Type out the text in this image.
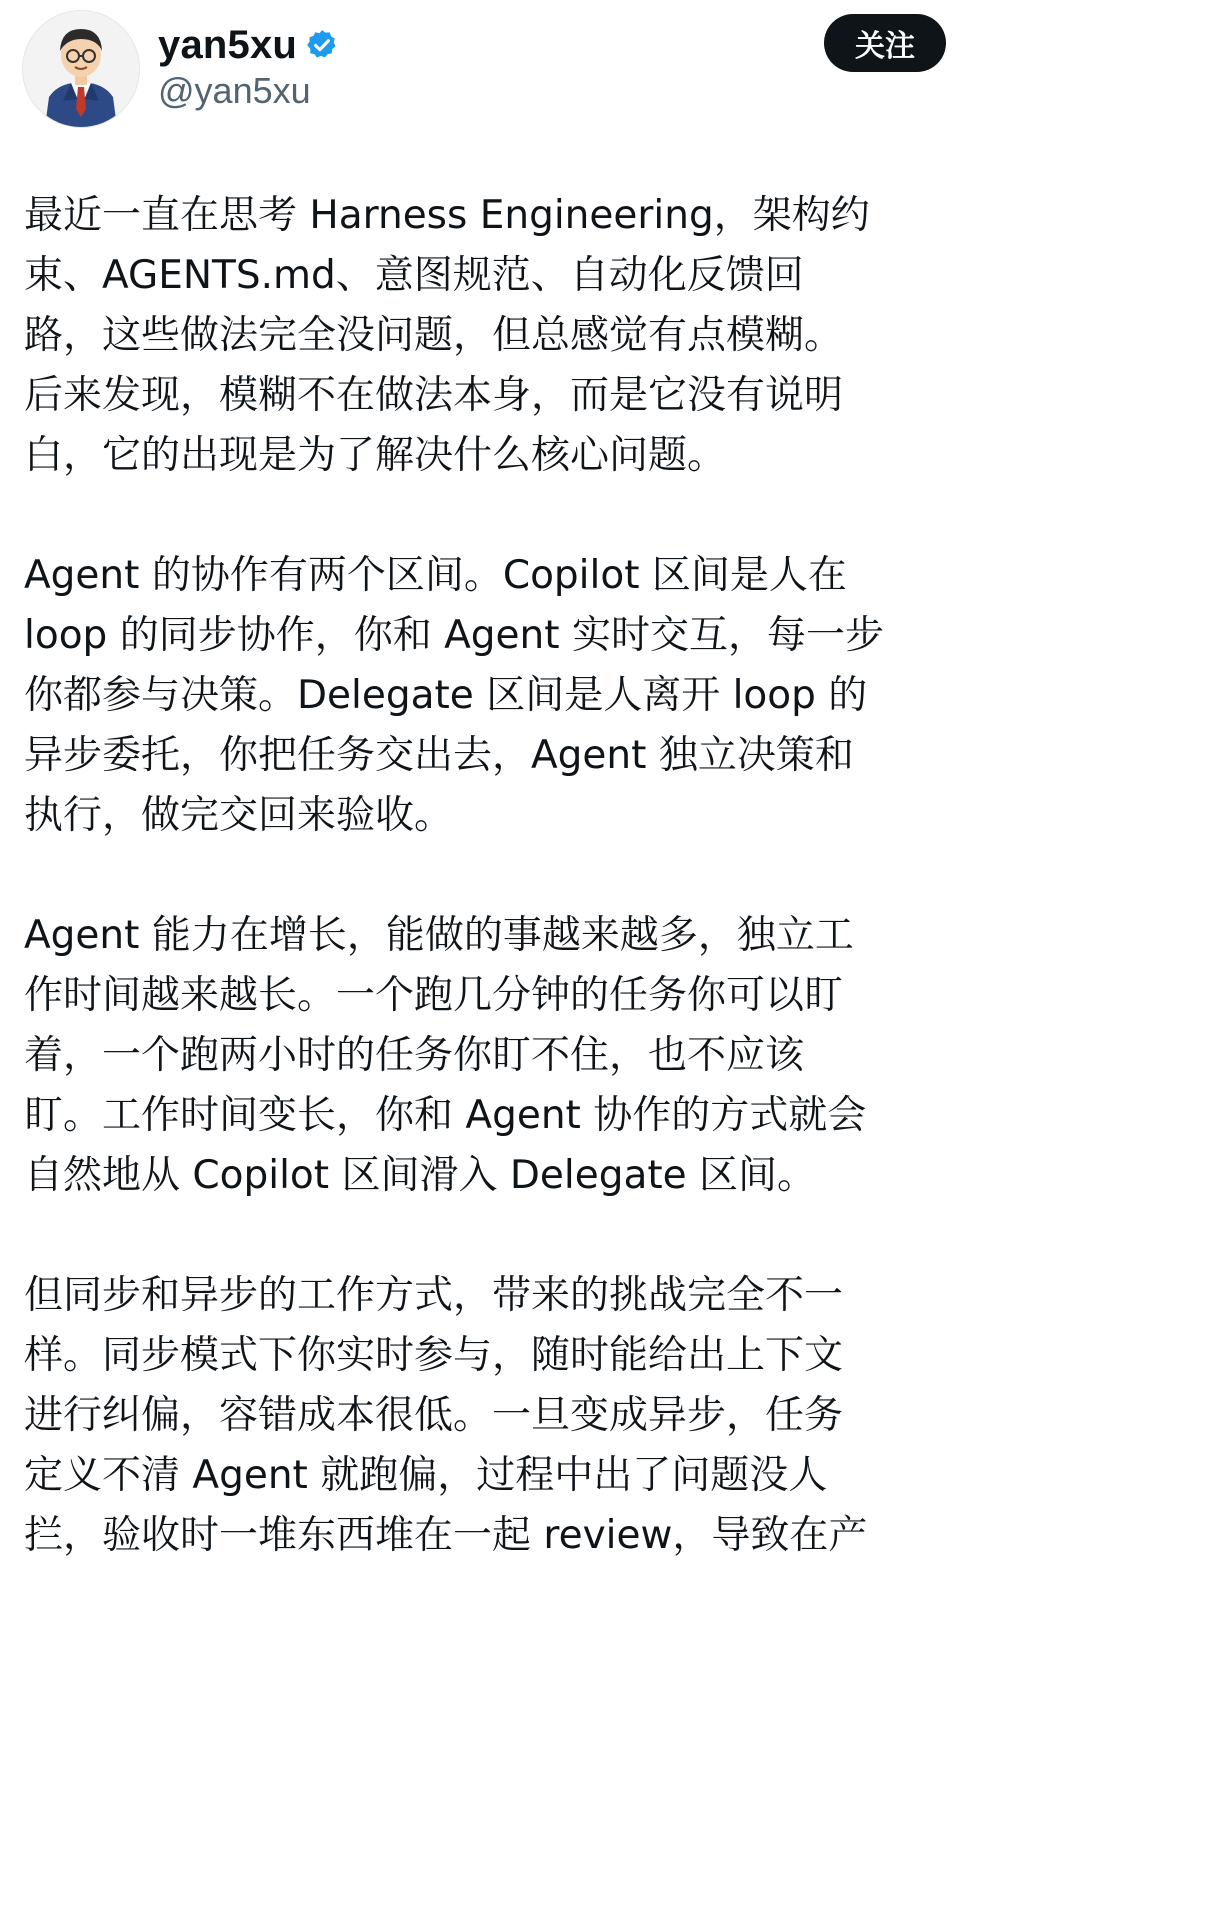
yan5xu
@yan5xu
关注
最近一直在思考 Harness Engineering，架构约
束、AGENTS.md、意图规范、自动化反馈回
路，这些做法完全没问题，但总感觉有点模糊。
后来发现，模糊不在做法本身，而是它没有说明
白，它的出现是为了解决什么核心问题。
Agent 的协作有两个区间。Copilot 区间是人在
loop 的同步协作，你和 Agent 实时交互，每一步
你都参与决策。Delegate 区间是人离开 loop 的
异步委托，你把任务交出去，Agent 独立决策和
执行，做完交回来验收。
Agent 能力在增长，能做的事越来越多，独立工
作时间越来越长。一个跑几分钟的任务你可以盯
着，一个跑两小时的任务你盯不住，也不应该
盯。工作时间变长，你和 Agent 协作的方式就会
自然地从 Copilot 区间滑入 Delegate 区间。
但同步和异步的工作方式，带来的挑战完全不一
样。同步模式下你实时参与，随时能给出上下文
进行纠偏，容错成本很低。一旦变成异步，任务
定义不清 Agent 就跑偏，过程中出了问题没人
拦，验收时一堆东西堆在一起 review，导致在产
